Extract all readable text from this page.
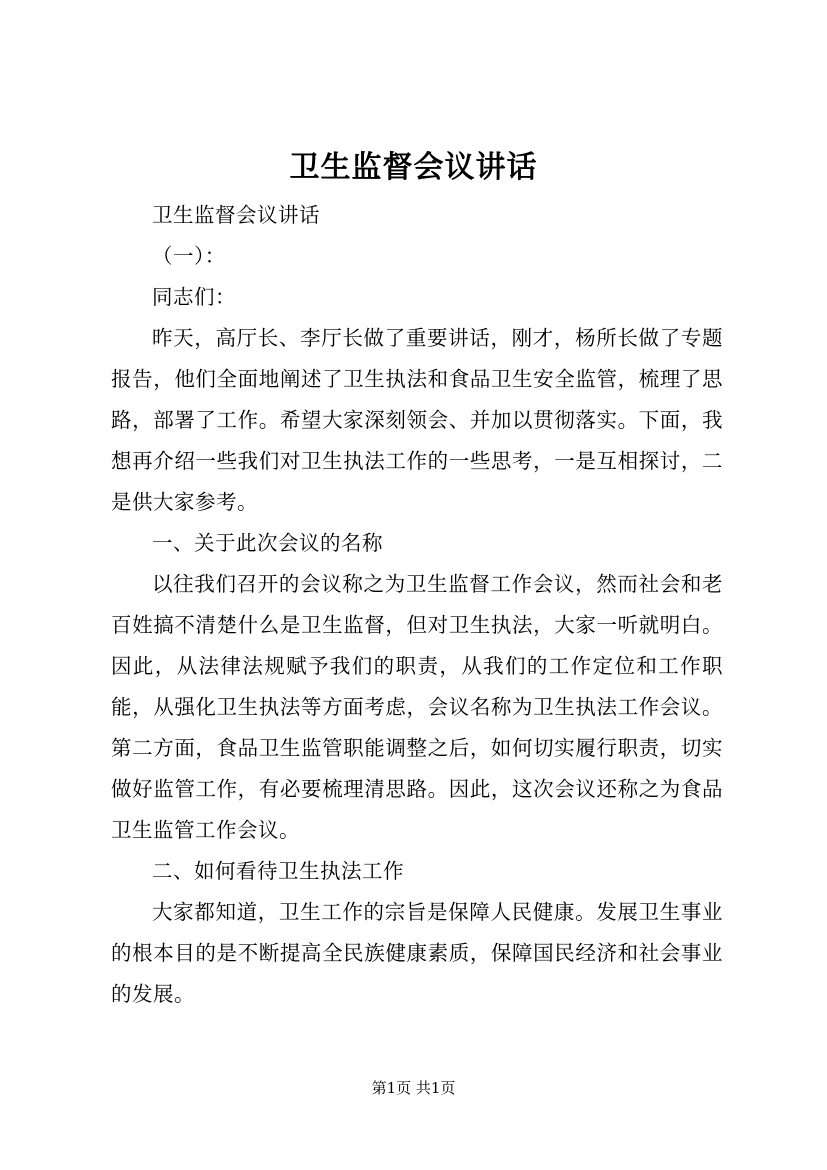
卫生监督会议讲话

卫生监督会议讲话

（一）：

同志们：

昨天，高厅长、李厅长做了重要讲话，刚才，杨所长做了专题报告，他们全面地阐述了卫生执法和食品卫生安全监管，梳理了思路，部署了工作。希望大家深刻领会、并加以贯彻落实。下面，我想再介绍一些我们对卫生执法工作的一些思考，一是互相探讨，二是供大家参考。

一、关于此次会议的名称

以往我们召开的会议称之为卫生监督工作会议，然而社会和老百姓搞不清楚什么是卫生监督，但对卫生执法，大家一听就明白。因此，从法律法规赋予我们的职责，从我们的工作定位和工作职能，从强化卫生执法等方面考虑，会议名称为卫生执法工作会议。第二方面，食品卫生监管职能调整之后，如何切实履行职责，切实做好监管工作，有必要梳理清思路。因此，这次会议还称之为食品卫生监管工作会议。

二、如何看待卫生执法工作

大家都知道，卫生工作的宗旨是保障人民健康。发展卫生事业的根本目的是不断提高全民族健康素质，保障国民经济和社会事业的发展。

第1页 共1页
